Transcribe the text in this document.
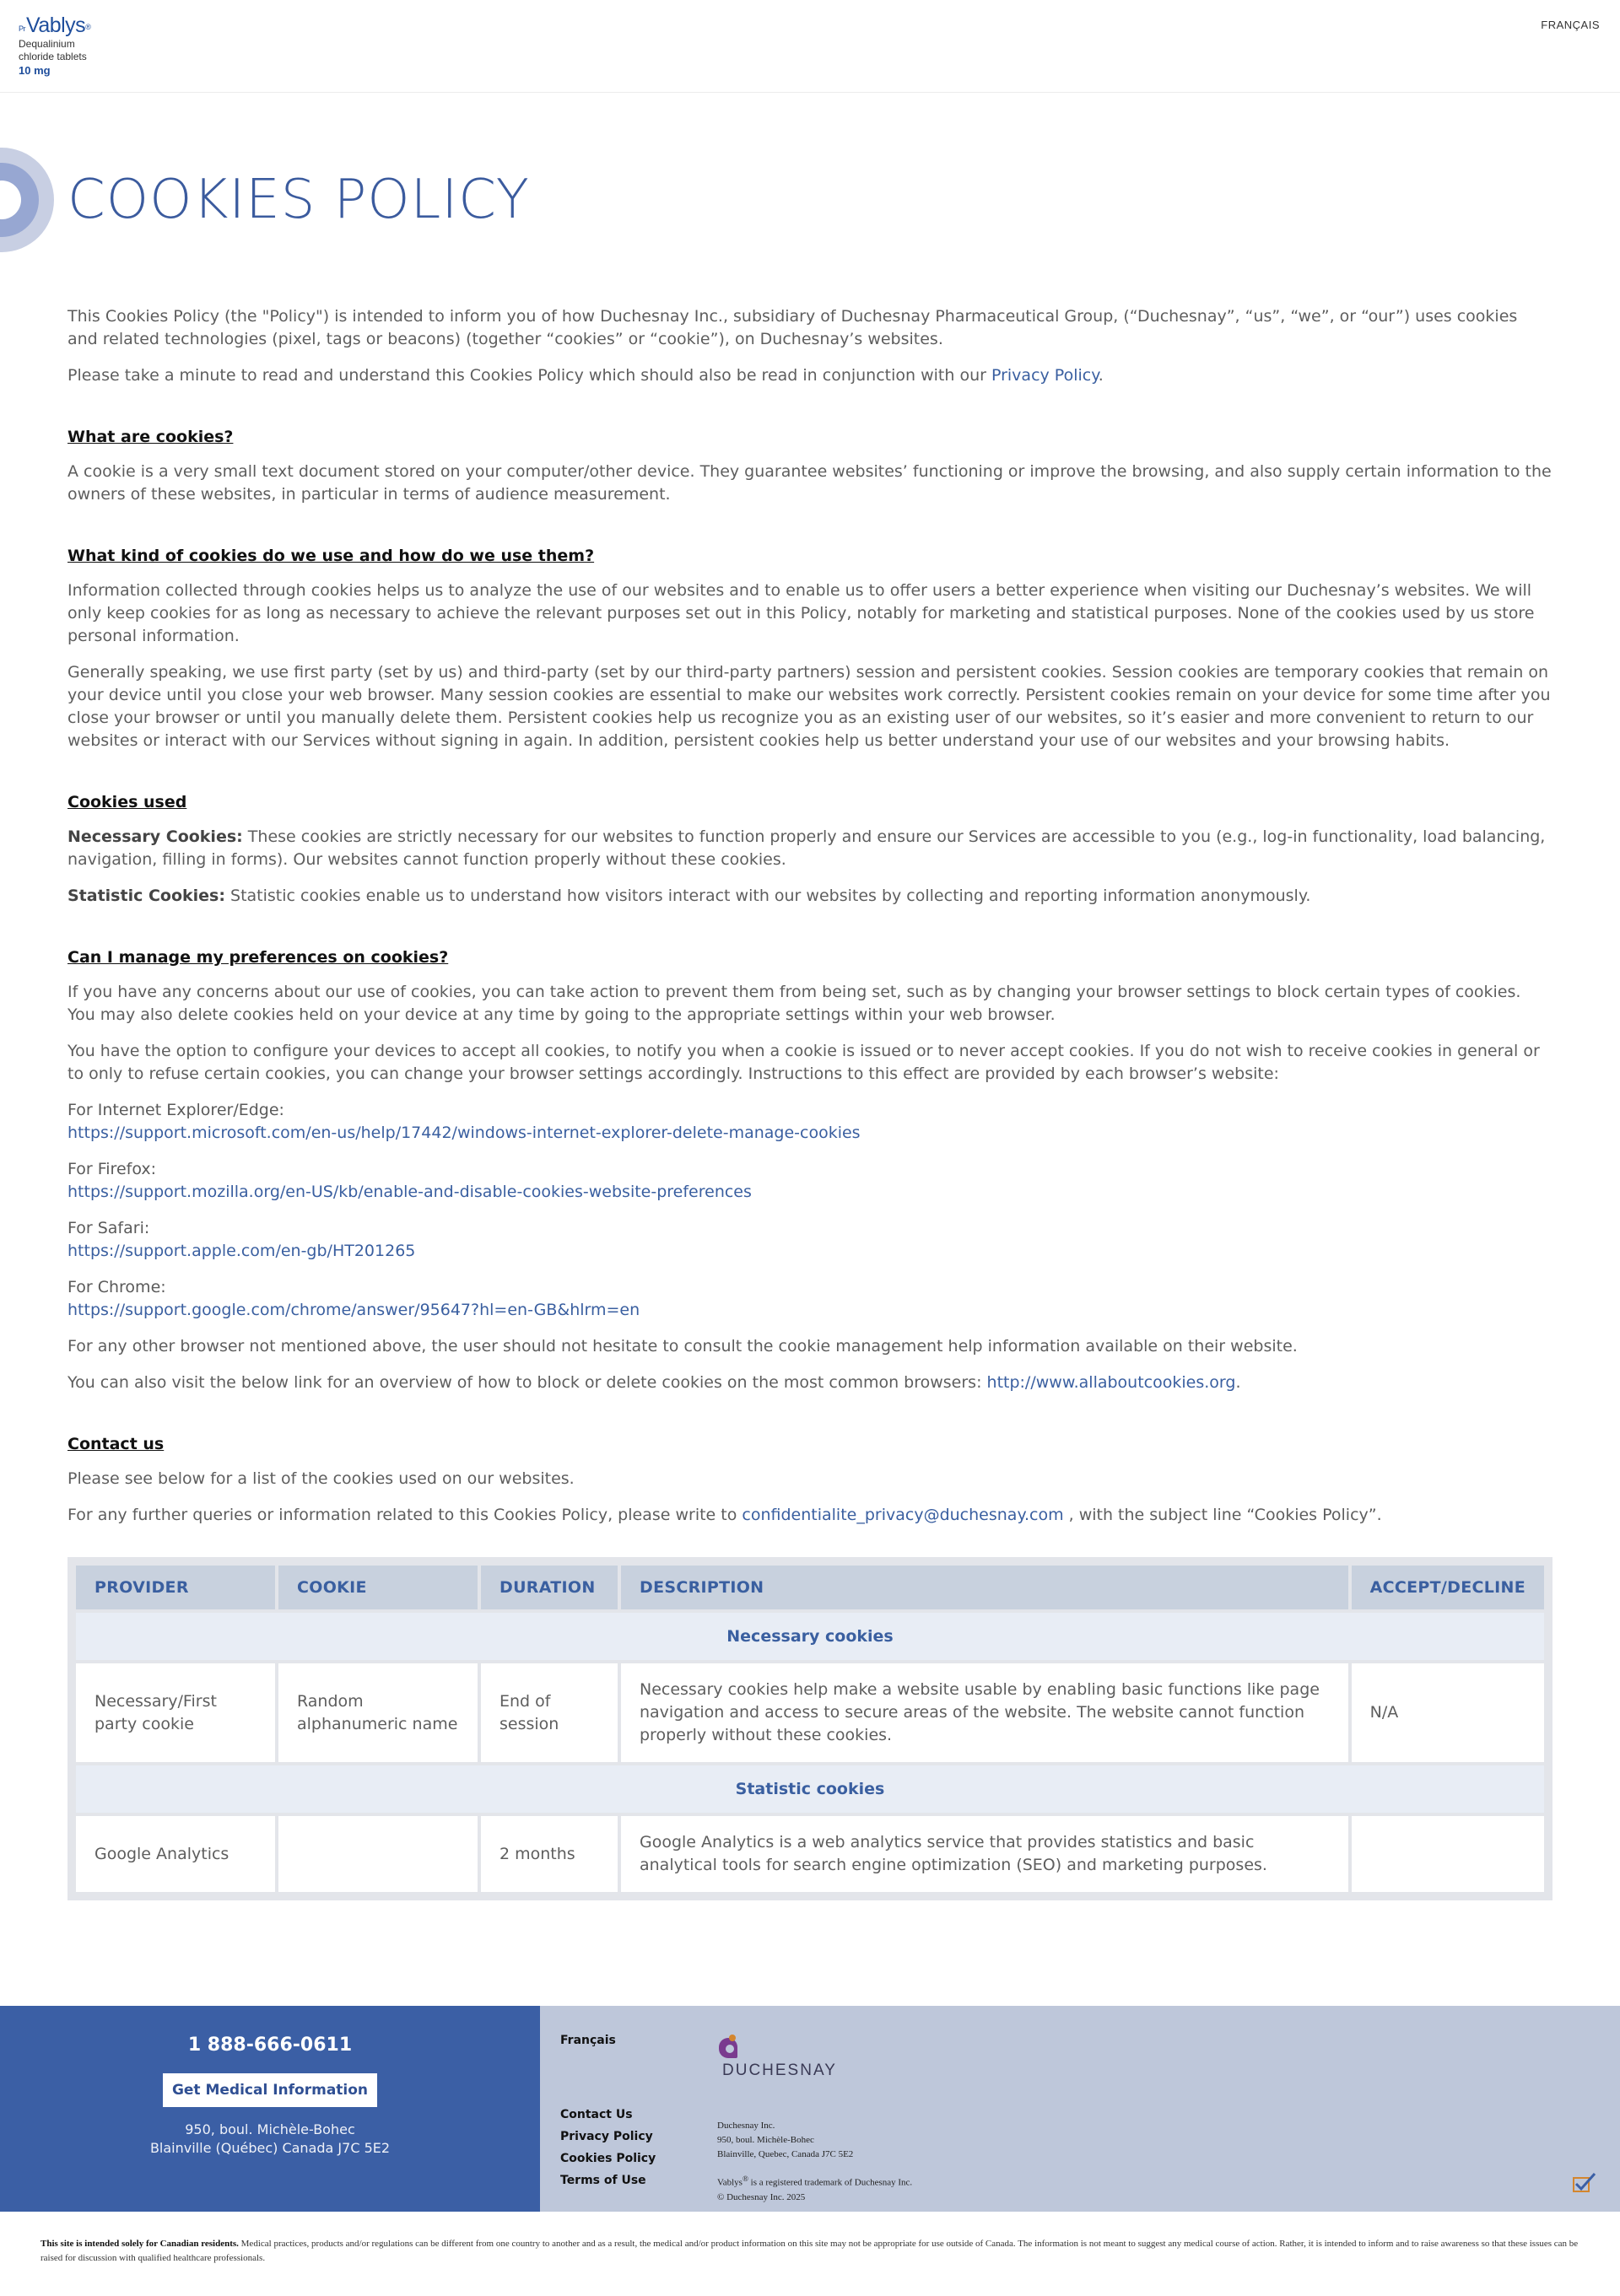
$^{Pr}$Vablys®
Dequalinium
chloride tablets
10 mg
FRANÇAIS
COOKIES POLICY

This Cookies Policy (the "Policy") is intended to inform you of how Duchesnay Inc., subsidiary of Duchesnay Pharmaceutical Group, (“Duchesnay”, “us”, “we”, or “our”) uses cookies and related technologies (pixel, tags or beacons) (together “cookies” or “cookie”), on Duchesnay’s websites.

Please take a minute to read and understand this Cookies Policy which should also be read in conjunction with our Privacy Policy.

What are cookies?

A cookie is a very small text document stored on your computer/other device. They guarantee websites’ functioning or improve the browsing, and also supply certain information to the owners of these websites, in particular in terms of audience measurement.

What kind of cookies do we use and how do we use them?

Information collected through cookies helps us to analyze the use of our websites and to enable us to offer users a better experience when visiting our Duchesnay’s websites. We will only keep cookies for as long as necessary to achieve the relevant purposes set out in this Policy, notably for marketing and statistical purposes. None of the cookies used by us store personal information.

Generally speaking, we use first party (set by us) and third-party (set by our third-party partners) session and persistent cookies. Session cookies are temporary cookies that remain on your device until you close your web browser. Many session cookies are essential to make our websites work correctly. Persistent cookies remain on your device for some time after you close your browser or until you manually delete them. Persistent cookies help us recognize you as an existing user of our websites, so it’s easier and more convenient to return to our websites or interact with our Services without signing in again. In addition, persistent cookies help us better understand your use of our websites and your browsing habits.

Cookies used

Necessary Cookies: These cookies are strictly necessary for our websites to function properly and ensure our Services are accessible to you (e.g., log-in functionality, load balancing, navigation, filling in forms). Our websites cannot function properly without these cookies.

Statistic Cookies: Statistic cookies enable us to understand how visitors interact with our websites by collecting and reporting information anonymously.

Can I manage my preferences on cookies?

If you have any concerns about our use of cookies, you can take action to prevent them from being set, such as by changing your browser settings to block certain types of cookies. You may also delete cookies held on your device at any time by going to the appropriate settings within your web browser.

You have the option to configure your devices to accept all cookies, to notify you when a cookie is issued or to never accept cookies. If you do not wish to receive cookies in general or to only to refuse certain cookies, you can change your browser settings accordingly. Instructions to this effect are provided by each browser’s website:

For Internet Explorer/Edge:
https://support.microsoft.com/en-us/help/17442/windows-internet-explorer-delete-manage-cookies
For Firefox:
https://support.mozilla.org/en-US/kb/enable-and-disable-cookies-website-preferences
For Safari:
https://support.apple.com/en-gb/HT201265
For Chrome:
https://support.google.com/chrome/answer/95647?hl=en-GB&hlrm=en

For any other browser not mentioned above, the user should not hesitate to consult the cookie management help information available on their website.

You can also visit the below link for an overview of how to block or delete cookies on the most common browsers: http://www.allaboutcookies.org.

Contact us

Please see below for a list of the cookies used on our websites.

For any further queries or information related to this Cookies Policy, please write to confidentialite_privacy@duchesnay.com , with the subject line “Cookies Policy”.

PROVIDER	COOKIE	DURATION	DESCRIPTION	ACCEPT/DECLINE
Necessary cookies				
Necessary/First party cookie	Random alphanumeric name	End of session	Necessary cookies help make a website usable by enabling basic functions like page navigation and access to secure areas of the website. The website cannot function properly without these cookies.	N/A
Statistic cookies				
Google Analytics		2 months	Google Analytics is a web analytics service that provides statistics and basic analytical tools for search engine optimization (SEO) and marketing purposes.	
1 888-666-0611
Get Medical Information
950, boul. Michèle-Bohec
Blainville (Québec) Canada J7C 5E2
Français
Contact Us
Privacy Policy
Cookies Policy
Terms of Use
DUCHESNAY
Duchesnay Inc.
950, boul. Michèle-Bohec
Blainville, Quebec, Canada J7C 5E2
Vablys® is a registered trademark of Duchesnay Inc.
© Duchesnay Inc. 2025
This site is intended solely for Canadian residents. Medical practices, products and/or regulations can be different from one country to another and as a result, the medical and/or product information on this site may not be appropriate for use outside of Canada. The information is not meant to suggest any medical course of action. Rather, it is intended to inform and to raise awareness so that these issues can be raised for discussion with qualified healthcare professionals.
